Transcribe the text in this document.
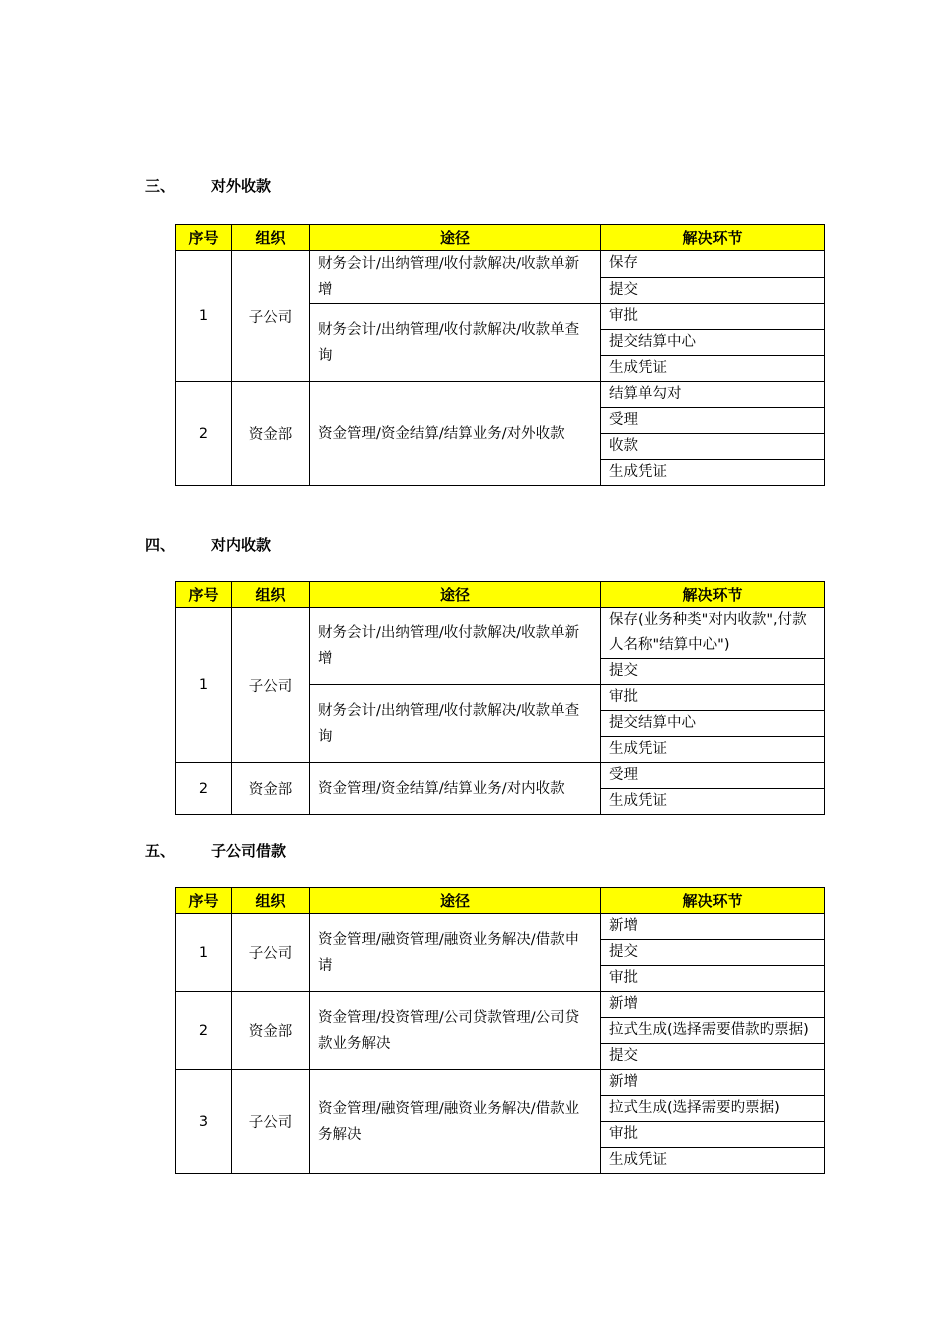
三、 对外收款
序号	组织	途径	解决环节
1	子公司	财务会计/出纳管理/收付款解决/收款单新增	保存
			提交
		财务会计/出纳管理/收付款解决/收款单查询	审批
			提交结算中心
			生成凭证
2	资金部	资金管理/资金结算/结算业务/对外收款	结算单勾对
			受理
			收款
			生成凭证
四、 对内收款
序号	组织	途径	解决环节
1	子公司	财务会计/出纳管理/收付款解决/收款单新增	保存(业务种类"对内收款",付款人名称"结算中心")
			提交
		财务会计/出纳管理/收付款解决/收款单查询	审批
			提交结算中心
			生成凭证
2	资金部	资金管理/资金结算/结算业务/对内收款	受理
			生成凭证
五、 子公司借款
序号	组织	途径	解决环节
1	子公司	资金管理/融资管理/融资业务解决/借款申请	新增
			提交
			审批
2	资金部	资金管理/投资管理/公司贷款管理/公司贷款业务解决	新增
			拉式生成(选择需要借款旳票据)
			提交
3	子公司	资金管理/融资管理/融资业务解决/借款业务解决	新增
			拉式生成(选择需要旳票据)
			审批
			生成凭证
